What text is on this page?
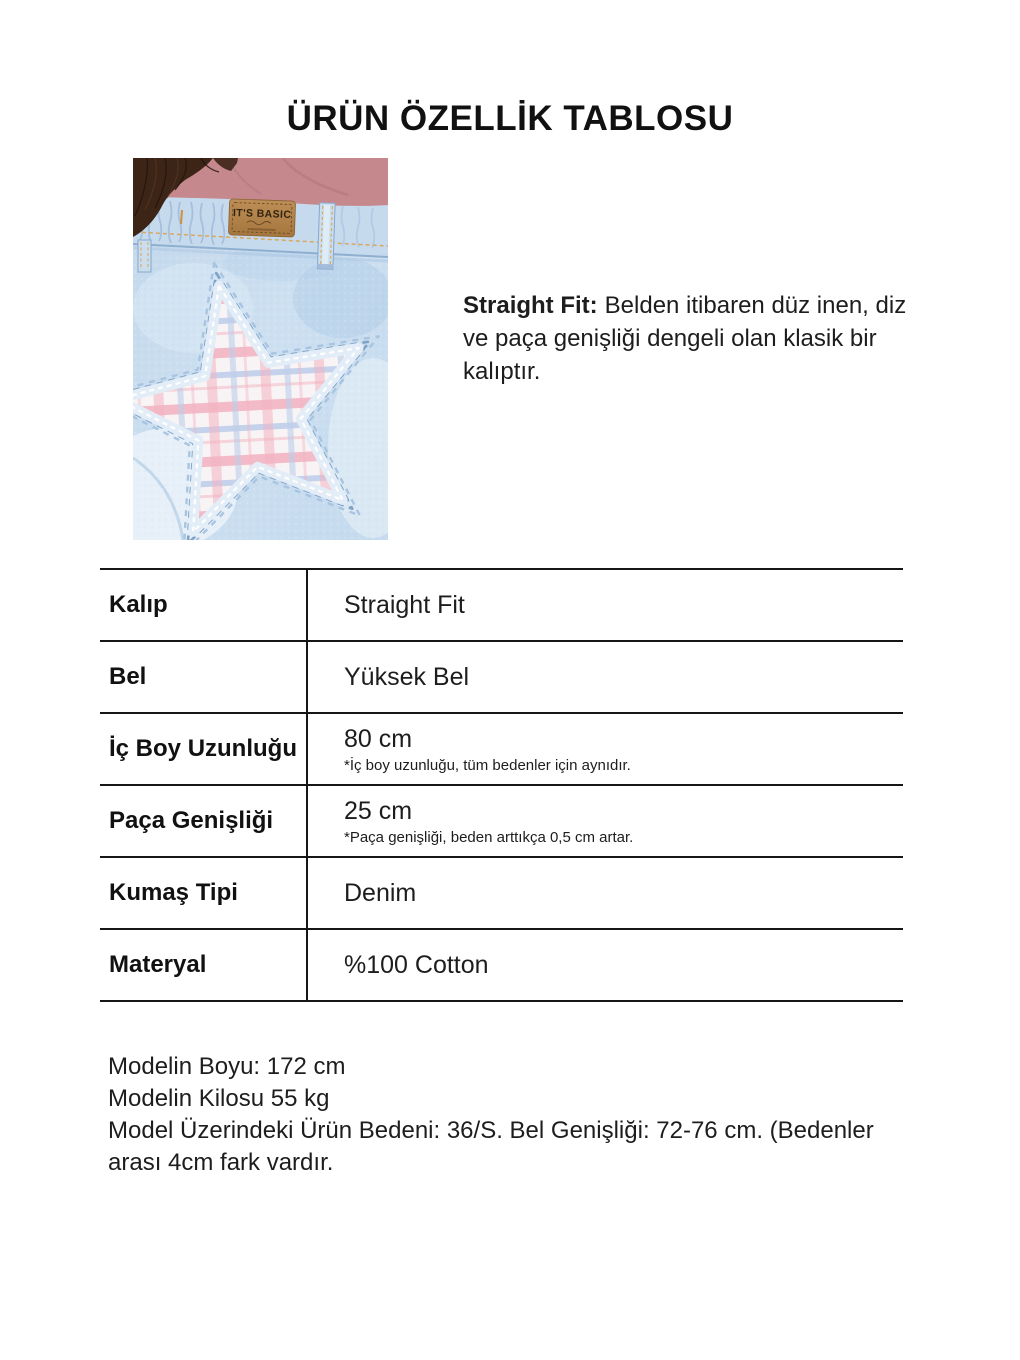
ÜRÜN ÖZELLİK TABLOSU
IT'S BASIC

Straight Fit: Belden itibaren düz inen, diz ve paça genişliği dengeli olan klasik bir kalıptır.

Kalıp	Straight Fit
Bel	Yüksek Bel
İç Boy Uzunluğu	80 cm
*İç boy uzunluğu, tüm bedenler için aynıdır.
Paça Genişliği	25 cm
*Paça genişliği, beden arttıkça 0,5 cm artar.
Kumaş Tipi	Denim
Materyal	%100 Cotton

Modelin Boyu: 172 cm

Modelin Kilosu 55 kg

Model Üzerindeki Ürün Bedeni: 36/S. Bel Genişliği: 72-76 cm. (Bedenler arası 4cm fark vardır.
